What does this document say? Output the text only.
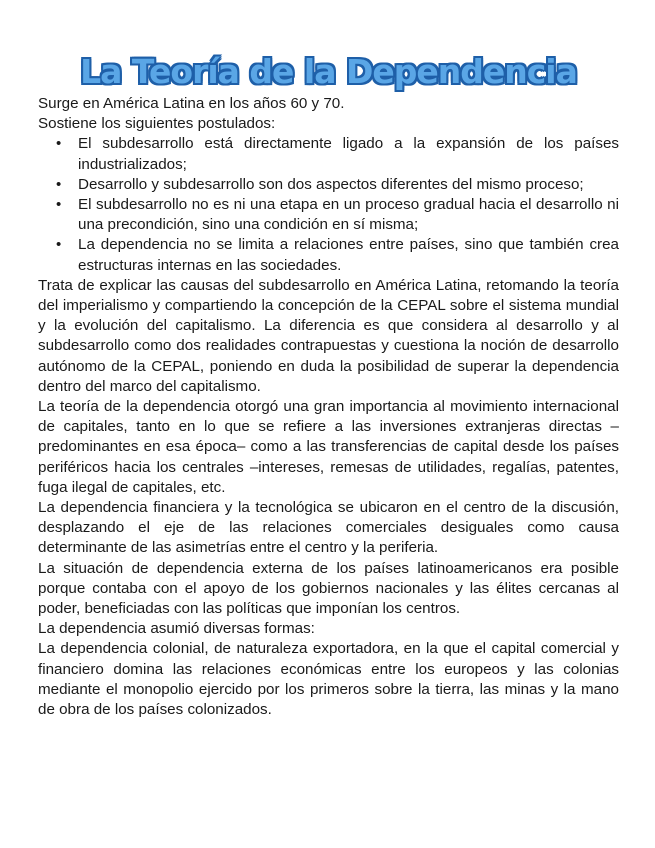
La Teoría de la Dependencia

Surge en América Latina en los años 60 y 70.

Sostiene los siguientes postulados:

• El subdesarrollo está directamente ligado a la expansión de los países industrializados;
• Desarrollo y subdesarrollo son dos aspectos diferentes del mismo proceso;
• El subdesarrollo no es ni una etapa en un proceso gradual hacia el desarrollo ni una precondición, sino una condición en sí misma;
• La dependencia no se limita a relaciones entre países, sino que también crea estructuras internas en las sociedades.

Trata de explicar las causas del subdesarrollo en América Latina, retomando la teoría del imperialismo y compartiendo la concepción de la CEPAL sobre el sistema mundial y la evolución del capitalismo. La diferencia es que considera al desarrollo y al subdesarrollo como dos realidades contrapuestas y cuestiona la noción de desarrollo autónomo de la CEPAL, poniendo en duda la posibilidad de superar la dependencia dentro del marco del capitalismo.

La teoría de la dependencia otorgó una gran importancia al movimiento internacional de capitales, tanto en lo que se refiere a las inversiones extranjeras directas –predominantes en esa época– como a las transferencias de capital desde los países periféricos hacia los centrales –intereses, remesas de utilidades, regalías, patentes, fuga ilegal de capitales, etc.

La dependencia financiera y la tecnológica se ubicaron en el centro de la discusión, desplazando el eje de las relaciones comerciales desiguales como causa determinante de las asimetrías entre el centro y la periferia.

La situación de dependencia externa de los países latinoamericanos era posible porque contaba con el apoyo de los gobiernos nacionales y las élites cercanas al poder, beneficiadas con las políticas que imponían los centros.

La dependencia asumió diversas formas:

La dependencia colonial, de naturaleza exportadora, en la que el capital comercial y financiero domina las relaciones económicas entre los europeos y las colonias mediante el monopolio ejercido por los primeros sobre la tierra, las minas y la mano de obra de los países colonizados.
